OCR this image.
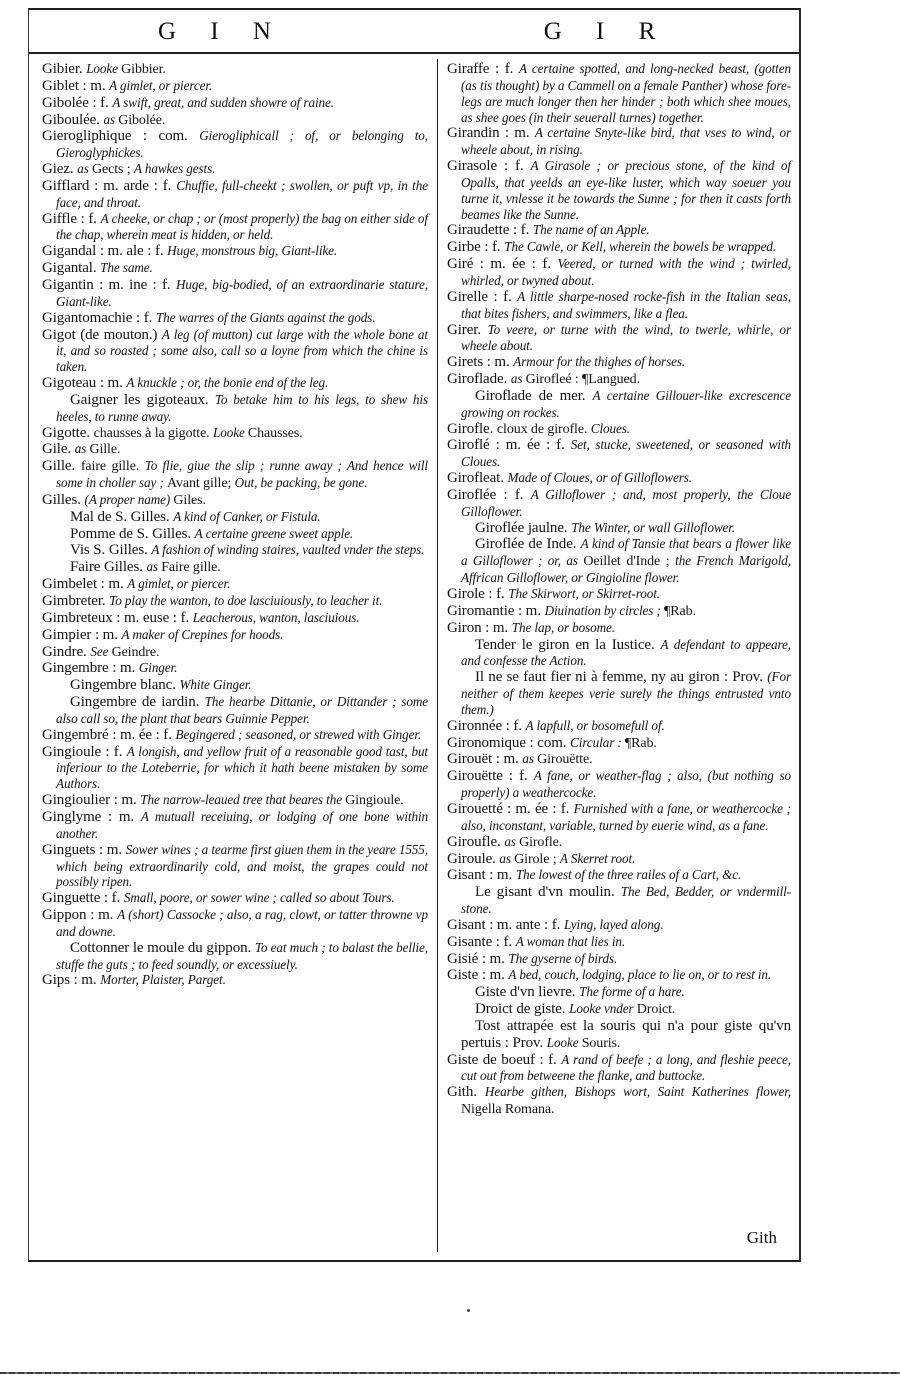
G I N	G I R

Gibier. Looke Gibbier.

Giblet : m. A gimlet, or piercer.

Gibolée : f. A swift, great, and sudden showre of raine.

Giboulée. as Gibolée.

Gierogliphique : com. Gierogliphicall ; of, or belonging to, Gieroglyphickes.

Giez. as Gects ; A hawkes gests.

Gifflard : m. arde : f. Chuffie, full-cheekt ; swollen, or puft vp, in the face, and throat.

Giffle : f. A cheeke, or chap ; or (most properly) the bag on either side of the chap, wherein meat is hidden, or held.

Gigandal : m. ale : f. Huge, monstrous big, Giant-like.

Gigantal. The same.

Gigantin : m. ine : f. Huge, big-bodied, of an extraordinarie stature, Giant-like.

Gigantomachie : f. The warres of the Giants against the gods.

Gigot (de mouton.) A leg (of mutton) cut large with the whole bone at it, and so roasted ; some also, call so a loyne from which the chine is taken.

Gigoteau : m. A knuckle ; or, the bonie end of the leg.

Gaigner les gigoteaux. To betake him to his legs, to shew his heeles, to runne away.

Gigotte. chausses à la gigotte. Looke Chausses.

Gile. as Gille.

Gille. faire gille. To flie, giue the slip ; runne away ; And hence will some in choller say ; Avant gille; Out, be packing, be gone.

Gilles. (A proper name) Giles.

Mal de S. Gilles. A kind of Canker, or Fistula.

Pomme de S. Gilles. A certaine greene sweet apple.

Vis S. Gilles. A fashion of winding staires, vaulted vnder the steps.

Faire Gilles. as Faire gille.

Gimbelet : m. A gimlet, or piercer.

Gimbreter. To play the wanton, to doe lasciuiously, to leacher it.

Gimbreteux : m. euse : f. Leacherous, wanton, lasciuious.

Gimpier : m. A maker of Crepines for hoods.

Gindre. See Geindre.

Gingembre : m. Ginger.

Gingembre blanc. White Ginger.

Gingembre de iardin. The hearbe Dittanie, or Dittander ; some also call so, the plant that bears Guinnie Pepper.

Gingembré : m. ée : f. Begingered ; seasoned, or strewed with Ginger.

Gingioule : f. A longish, and yellow fruit of a reasonable good tast, but inferiour to the Loteberrie, for which it hath beene mistaken by some Authors.

Gingioulier : m. The narrow-leaued tree that beares the Gingioule.

Ginglyme : m. A mutuall receiuing, or lodging of one bone within another.

Ginguets : m. Sower wines ; a tearme first giuen them in the yeare 1555, which being extraordinarily cold, and moist, the grapes could not possibly ripen.

Ginguette : f. Small, poore, or sower wine ; called so about Tours.

Gippon : m. A (short) Cassocke ; also, a rag, clowt, or tatter throwne vp and downe.

Cottonner le moule du gippon. To eat much ; to balast the bellie, stuffe the guts ; to feed soundly, or excessiuely.

Gips : m. Morter, Plaister, Parget.

Giraffe : f. A certaine spotted, and long-necked beast, (gotten (as tis thought) by a Cammell on a female Panther) whose fore-legs are much longer then her hinder ; both which shee moues, as shee goes (in their seuerall turnes) together.

Girandin : m. A certaine Snyte-like bird, that vses to wind, or wheele about, in rising.

Girasole : f. A Girasole ; or precious stone, of the kind of Opalls, that yeelds an eye-like luster, which way soeuer you turne it, vnlesse it be towards the Sunne ; for then it casts forth beames like the Sunne.

Giraudette : f. The name of an Apple.

Girbe : f. The Cawle, or Kell, wherein the bowels be wrapped.

Giré : m. ée : f. Veered, or turned with the wind ; twirled, whirled, or twyned about.

Girelle : f. A little sharpe-nosed rocke-fish in the Italian seas, that bites fishers, and swimmers, like a flea.

Girer. To veere, or turne with the wind, to twerle, whirle, or wheele about.

Girets : m. Armour for the thighes of horses.

Giroflade. as Girofleé : ¶Langued.

Giroflade de mer. A certaine Gillouer-like excrescence growing on rockes.

Girofle. cloux de girofle. Cloues.

Giroflé : m. ée : f. Set, stucke, sweetened, or seasoned with Cloues.

Girofleat. Made of Cloues, or of Gilloflowers.

Giroflée : f. A Gilloflower ; and, most properly, the Cloue Gilloflower.

Giroflée jaulne. The Winter, or wall Gilloflower.

Giroflée de Inde. A kind of Tansie that bears a flower like a Gilloflower ; or, as Oeillet d'Inde ; the French Marigold, Affrican Gilloflower, or Gingioline flower.

Girole : f. The Skirwort, or Skirret-root.

Giromantie : m. Diuination by circles ; ¶Rab.

Giron : m. The lap, or bosome.

Tender le giron en la Iustice. A defendant to appeare, and confesse the Action.

Il ne se faut fier ni à femme, ny au giron : Prov. (For neither of them keepes verie surely the things entrusted vnto them.)

Gironnée : f. A lapfull, or bosomefull of.

Gironomique : com. Circular : ¶Rab.

Girouët : m. as Girouëtte.

Girouëtte : f. A fane, or weather-flag ; also, (but nothing so properly) a weathercocke.

Girouetté : m. ée : f. Furnished with a fane, or weathercocke ; also, inconstant, variable, turned by euerie wind, as a fane.

Giroufle. as Girofle.

Giroule. as Girole ; A Skerret root.

Gisant : m. The lowest of the three railes of a Cart, &c.

Le gisant d'vn moulin. The Bed, Bedder, or vndermill-stone.

Gisant : m. ante : f. Lying, layed along.

Gisante : f. A woman that lies in.

Gisié : m. The gyserne of birds.

Giste : m. A bed, couch, lodging, place to lie on, or to rest in.

Giste d'vn lievre. The forme of a hare.

Droict de giste. Looke vnder Droict.

Tost attrapée est la souris qui n'a pour giste qu'vn pertuis : Prov. Looke Souris.

Giste de boeuf : f. A rand of beefe ; a long, and fleshie peece, cut out from betweene the flanke, and buttocke.

Gith. Hearbe githen, Bishops wort, Saint Katherines flower, Nigella Romana.

Gith
